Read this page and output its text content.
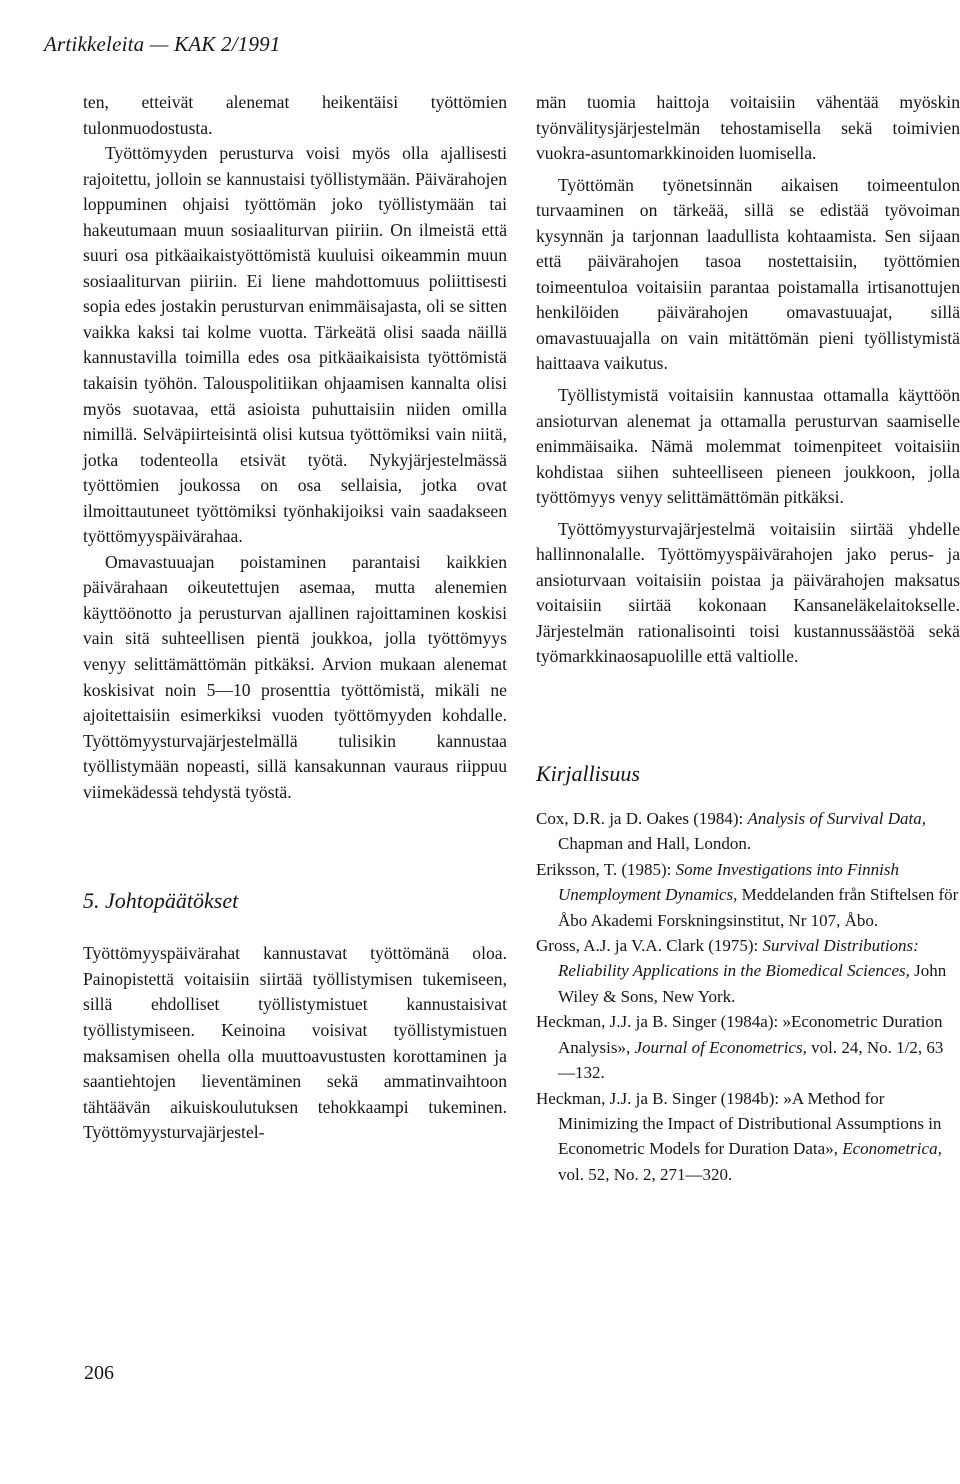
Artikkeleita — KAK 2/1991

ten, etteivät alenemat heikentäisi työttömien tulonmuodostusta.

Työttömyyden perusturva voisi myös olla ajallisesti rajoitettu, jolloin se kannustaisi työllistymään. Päivärahojen loppuminen ohjaisi työttömän joko työllistymään tai hakeutumaan muun sosiaaliturvan piiriin. On ilmeistä että suuri osa pitkäaikaistyöttömistä kuuluisi oikeammin muun sosiaaliturvan piiriin. Ei liene mahdottomuus poliittisesti sopia edes jostakin perusturvan enimmäisajasta, oli se sitten vaikka kaksi tai kolme vuotta. Tärkeätä olisi saada näillä kannustavilla toimilla edes osa pitkäaikaisista työttömistä takaisin työhön. Talouspolitiikan ohjaamisen kannalta olisi myös suotavaa, että asioista puhuttaisiin niiden omilla nimillä. Selväpiirteisintä olisi kutsua työttömiksi vain niitä, jotka todenteolla etsivät työtä. Nykyjärjestelmässä työttömien joukossa on osa sellaisia, jotka ovat ilmoittautuneet työttömiksi työnhakijoiksi vain saadakseen työttömyyspäivärahaa.

Omavastuuajan poistaminen parantaisi kaikkien päivärahaan oikeutettujen asemaa, mutta alenemien käyttöönotto ja perusturvan ajallinen rajoittaminen koskisi vain sitä suhteellisen pientä joukkoa, jolla työttömyys venyy selittämättömän pitkäksi. Arvion mukaan alenemat koskisivat noin 5—10 prosenttia työttömistä, mikäli ne ajoitettaisiin esimerkiksi vuoden työttömyyden kohdalle. Työttömyysturvajärjestelmällä tulisikin kannustaa työllistymään nopeasti, sillä kansakunnan vauraus riippuu viimekädessä tehdystä työstä.

5. Johtopäätökset

Työttömyyspäivärahat kannustavat työttömänä oloa. Painopistettä voitaisiin siirtää työllistymisen tukemiseen, sillä ehdolliset työllistymistuet kannustaisivat työllistymiseen. Keinoina voisivat työllistymistuen maksamisen ohella olla muuttoavustusten korottaminen ja saantiehtojen lieventäminen sekä ammatinvaihtoon tähtäävän aikuiskoulutuksen tehokkaampi tukeminen. Työttömyysturvajärjestel-

män tuomia haittoja voitaisiin vähentää myöskin työnvälitysjärjestelmän tehostamisella sekä toimivien vuokra-asuntomarkkinoiden luomisella.

Työttömän työnetsinnän aikaisen toimeentulon turvaaminen on tärkeää, sillä se edistää työvoiman kysynnän ja tarjonnan laadullista kohtaamista. Sen sijaan että päivärahojen tasoa nostettaisiin, työttömien toimeentuloa voitaisiin parantaa poistamalla irtisanottujen henkilöiden päivärahojen omavastuuajat, sillä omavastuuajalla on vain mitättömän pieni työllistymistä haittaava vaikutus.

Työllistymistä voitaisiin kannustaa ottamalla käyttöön ansioturvan alenemat ja ottamalla perusturvan saamiselle enimmäisaika. Nämä molemmat toimenpiteet voitaisiin kohdistaa siihen suhteelliseen pieneen joukkoon, jolla työttömyys venyy selittämättömän pitkäksi.

Työttömyysturvajärjestelmä voitaisiin siirtää yhdelle hallinnonalalle. Työttömyyspäivärahojen jako perus- ja ansioturvaan voitaisiin poistaa ja päivärahojen maksatus voitaisiin siirtää kokonaan Kansaneläkelaitokselle. Järjestelmän rationalisointi toisi kustannussäästöä sekä työmarkkinaosapuolille että valtiolle.

Kirjallisuus
Cox, D.R. ja D. Oakes (1984): Analysis of Survival Data, Chapman and Hall, London.
Eriksson, T. (1985): Some Investigations into Finnish Unemployment Dynamics, Meddelanden från Stiftelsen för Åbo Akademi Forskningsinstitut, Nr 107, Åbo.
Gross, A.J. ja V.A. Clark (1975): Survival Distributions: Reliability Applications in the Biomedical Sciences, John Wiley & Sons, New York.
Heckman, J.J. ja B. Singer (1984a): »Econometric Duration Analysis», Journal of Econometrics, vol. 24, No. 1/2, 63—132.
Heckman, J.J. ja B. Singer (1984b): »A Method for Minimizing the Impact of Distributional Assumptions in Econometric Models for Duration Data», Econometrica, vol. 52, No. 2, 271—320.
206
